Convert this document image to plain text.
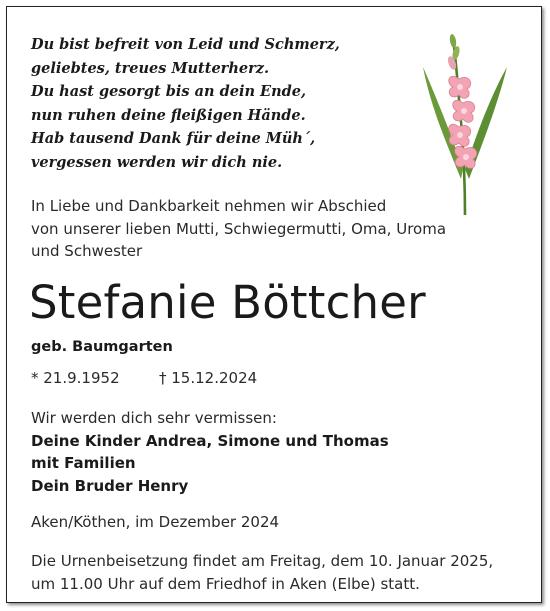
Du bist befreit von Leid und Schmerz,
geliebtes, treues Mutterherz.
Du hast gesorgt bis an dein Ende,
nun ruhen deine fleißigen Hände.
Hab tausend Dank für deine Müh´,
vergessen werden wir dich nie.
In Liebe und Dankbarkeit nehmen wir Abschied
von unserer lieben Mutti, Schwiegermutti, Oma, Uroma
und Schwester
Stefanie Böttcher
geb. Baumgarten
* 21.9.1952	† 15.12.2024
Wir werden dich sehr vermissen:
Deine Kinder Andrea, Simone und Thomas
mit Familien
Dein Bruder Henry
Aken/Köthen, im Dezember 2024
Die Urnenbeisetzung findet am Freitag, dem 10. Januar 2025,
um 11.00 Uhr auf dem Friedhof in Aken (Elbe) statt.
